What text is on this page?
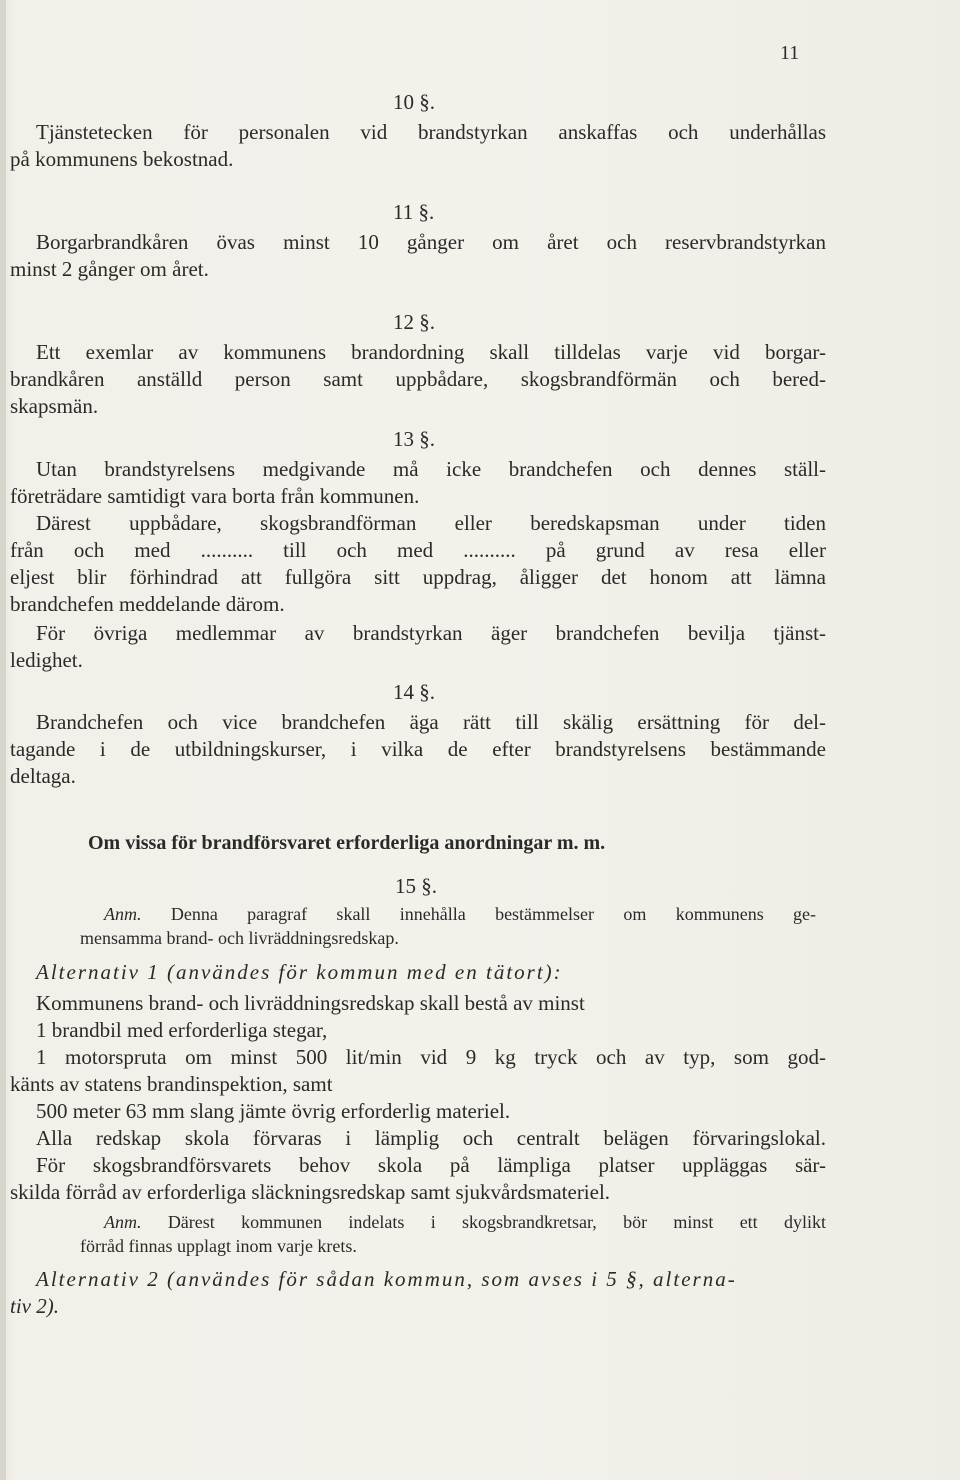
11
10 §.
Tjänstetecken för personalen vid brandstyrkan anskaffas och underhållas
på kommunens bekostnad.
11 §.
Borgarbrandkåren övas minst 10 gånger om året och reservbrandstyrkan
minst 2 gånger om året.
12 §.
Ett exemlar av kommunens brandordning skall tilldelas varje vid borgar-
brandkåren anställd person samt uppbådare, skogsbrandförmän och bered-
skapsmän.
13 §.
Utan brandstyrelsens medgivande må icke brandchefen och dennes ställ-
företrädare samtidigt vara borta från kommunen.
Därest uppbådare, skogsbrandförman eller beredskapsman under tiden
från och med .......... till och med .......... på grund av resa eller
eljest blir förhindrad att fullgöra sitt uppdrag, åligger det honom att lämna
brandchefen meddelande därom.
För övriga medlemmar av brandstyrkan äger brandchefen bevilja tjänst-
ledighet.
14 §.
Brandchefen och vice brandchefen äga rätt till skälig ersättning för del-
tagande i de utbildningskurser, i vilka de efter brandstyrelsens bestämmande
deltaga.
Om vissa för brandförsvaret erforderliga anordningar m. m.
15 §.
Anm. Denna paragraf skall innehålla bestämmelser om kommunens ge-
mensamma brand- och livräddningsredskap.
Alternativ 1 (användes för kommun med en tätort):
Kommunens brand- och livräddningsredskap skall bestå av minst
1 brandbil med erforderliga stegar,
1 motorspruta om minst 500 lit/min vid 9 kg tryck och av typ, som god-
känts av statens brandinspektion, samt
500 meter 63 mm slang jämte övrig erforderlig materiel.
Alla redskap skola förvaras i lämplig och centralt belägen förvaringslokal.
För skogsbrandförsvarets behov skola på lämpliga platser uppläggas sär-
skilda förråd av erforderliga släckningsredskap samt sjukvårdsmateriel.
Anm. Därest kommunen indelats i skogsbrandkretsar, bör minst ett dylikt
förråd finnas upplagt inom varje krets.
Alternativ 2 (användes för sådan kommun, som avses i 5 §, alterna-
tiv 2).
